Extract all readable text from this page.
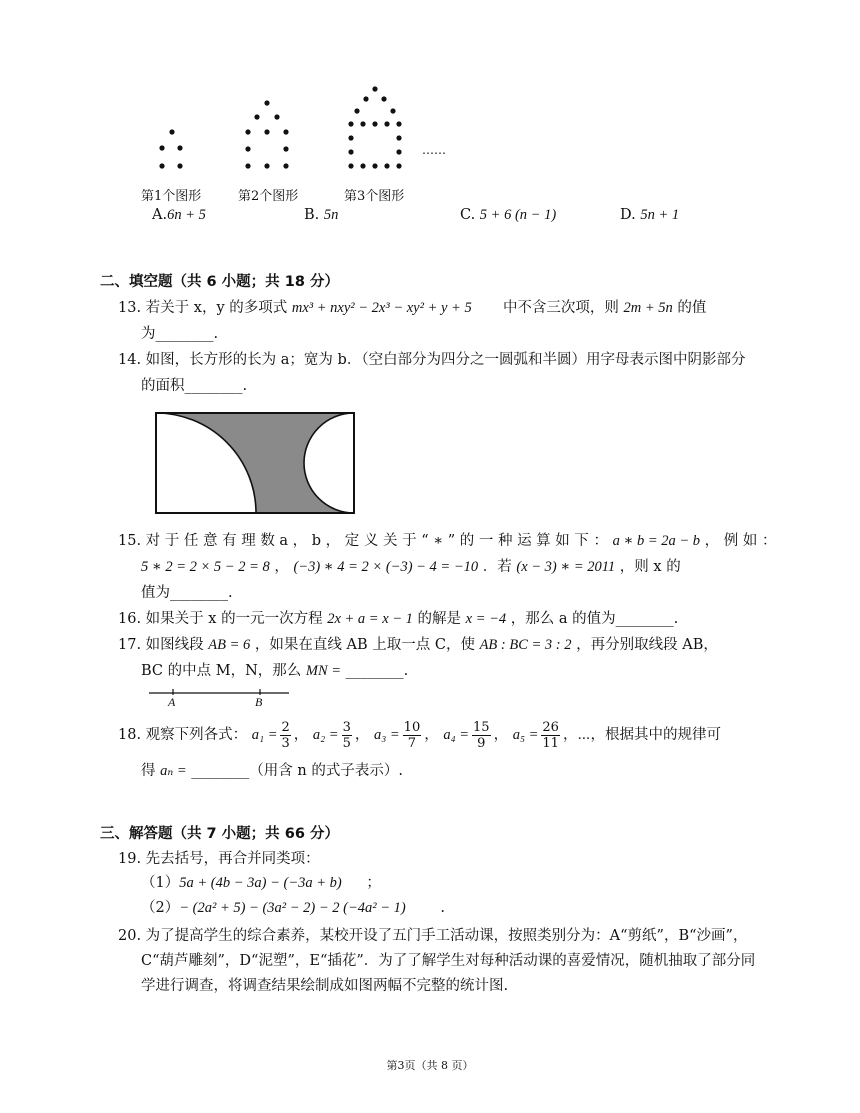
……
第1个图形	第2个图形	第3个图形
A.6n + 5	B. 5n	C. 5 + 6 (n − 1)	D. 5n + 1
二、填空题（共 6 小题；共 18 分）
13. 若关于 x，y 的多项式 mx³ + nxy² − 2x³ − xy² + y + 5 中不含三次项，则 2m + 5n 的值
为________.
14. 如图，长方形的长为 a；宽为 b．（空白部分为四分之一圆弧和半圆）用字母表示图中阴影部分
的面积________.
15. 对 于 任 意 有 理 数 a ， b ， 定 义 关 于 “ ∗ ” 的 一 种 运 算 如 下 ： a ∗ b = 2a − b ， 例 如 ：
5 ∗ 2 = 2 × 5 − 2 = 8 ， (−3) ∗ 4 = 2 × (−3) − 4 = −10 ．若 (x − 3) ∗ = 2011 ，则 x 的
值为________.
16. 如果关于 x 的一元一次方程 2x + a = x − 1 的解是 x = −4 ，那么 a 的值为________.
17. 如图线段 AB = 6 ，如果在直线 AB 上取一点 C，使 AB : BC = 3 : 2 ，再分别取线段 AB，
BC 的中点 M，N，那么 MN = ________.
A	B
18. 观察下列各式： $a_1 = \frac{2}{3}$ ， $a_2 = \frac{3}{5}$ ， $a_3 = \frac{10}{7}$ ， $a_4 = \frac{15}{9}$ ， $a_5 = \frac{26}{11}$ ，⋯，根据其中的规律可
得 aₙ = ________（用含 n 的式子表示）.
三、解答题（共 7 小题；共 66 分）
19. 先去括号，再合并同类项：
（1）5a + (4b − 3a) − (−3a + b) ；
（2）− (2a² + 5) − (3a² − 2) − 2 (−4a² − 1) .
20. 为了提高学生的综合素养，某校开设了五门手工活动课，按照类别分为：A“剪纸”，B“沙画”，
C“葫芦雕刻”，D“泥塑”，E“插花”．为了了解学生对每种活动课的喜爱情况，随机抽取了部分同
学进行调查，将调查结果绘制成如图两幅不完整的统计图.
第3页（共 8 页）
